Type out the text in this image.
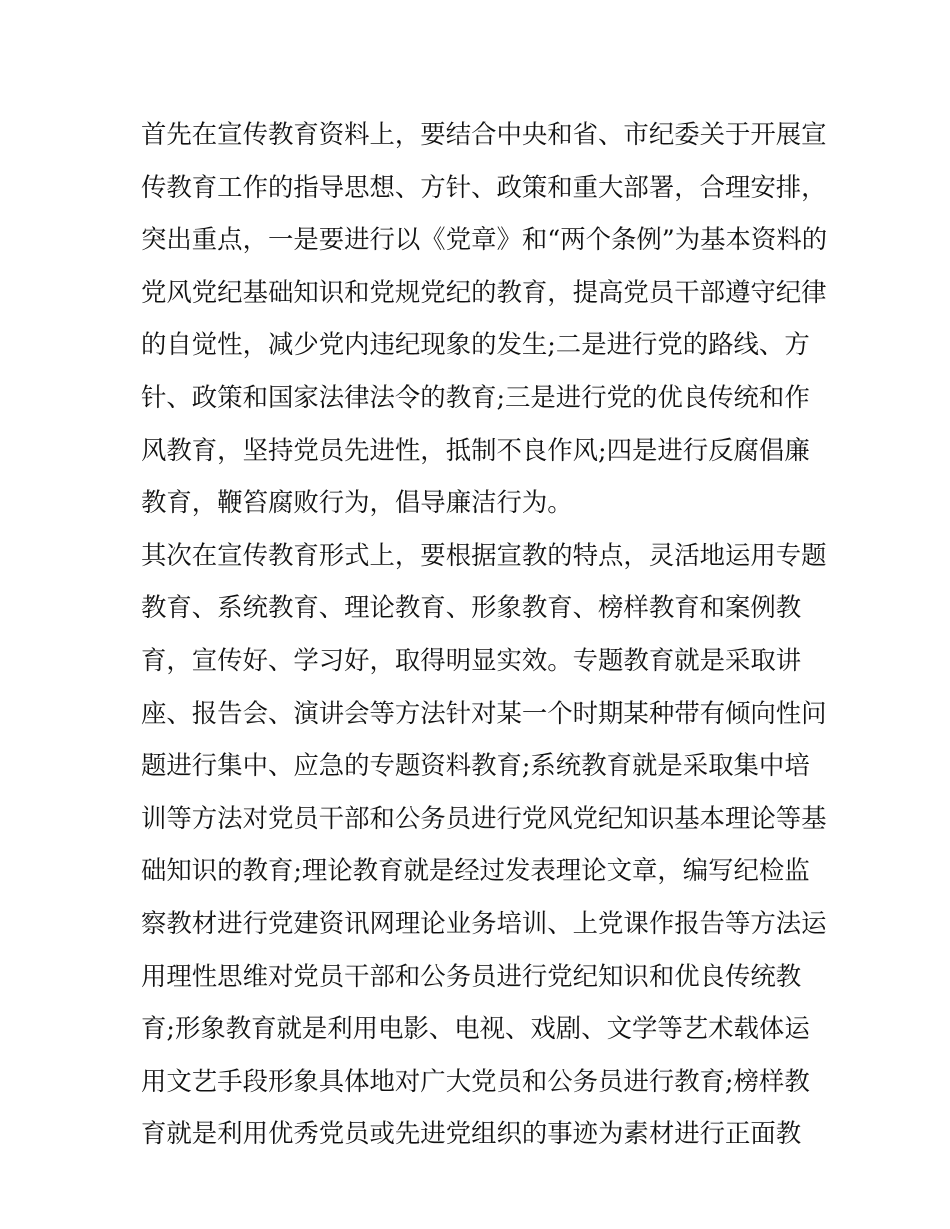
首先在宣传教育资料上，要结合中央和省、市纪委关于开展宣
传教育工作的指导思想、方针、政策和重大部署，合理安排，
突出重点，一是要进行以《党章》和“两个条例”为基本资料的
党风党纪基础知识和党规党纪的教育，提高党员干部遵守纪律
的自觉性，减少党内违纪现象的发生;二是进行党的路线、方
针、政策和国家法律法令的教育;三是进行党的优良传统和作
风教育，坚持党员先进性，抵制不良作风;四是进行反腐倡廉
教育，鞭笞腐败行为，倡导廉洁行为。
其次在宣传教育形式上，要根据宣教的特点，灵活地运用专题
教育、系统教育、理论教育、形象教育、榜样教育和案例教
育，宣传好、学习好，取得明显实效。专题教育就是采取讲
座、报告会、演讲会等方法针对某一个时期某种带有倾向性问
题进行集中、应急的专题资料教育;系统教育就是采取集中培
训等方法对党员干部和公务员进行党风党纪知识基本理论等基
础知识的教育;理论教育就是经过发表理论文章，编写纪检监
察教材进行党建资讯网理论业务培训、上党课作报告等方法运
用理性思维对党员干部和公务员进行党纪知识和优良传统教
育;形象教育就是利用电影、电视、戏剧、文学等艺术载体运
用文艺手段形象具体地对广大党员和公务员进行教育;榜样教
育就是利用优秀党员或先进党组织的事迹为素材进行正面教
